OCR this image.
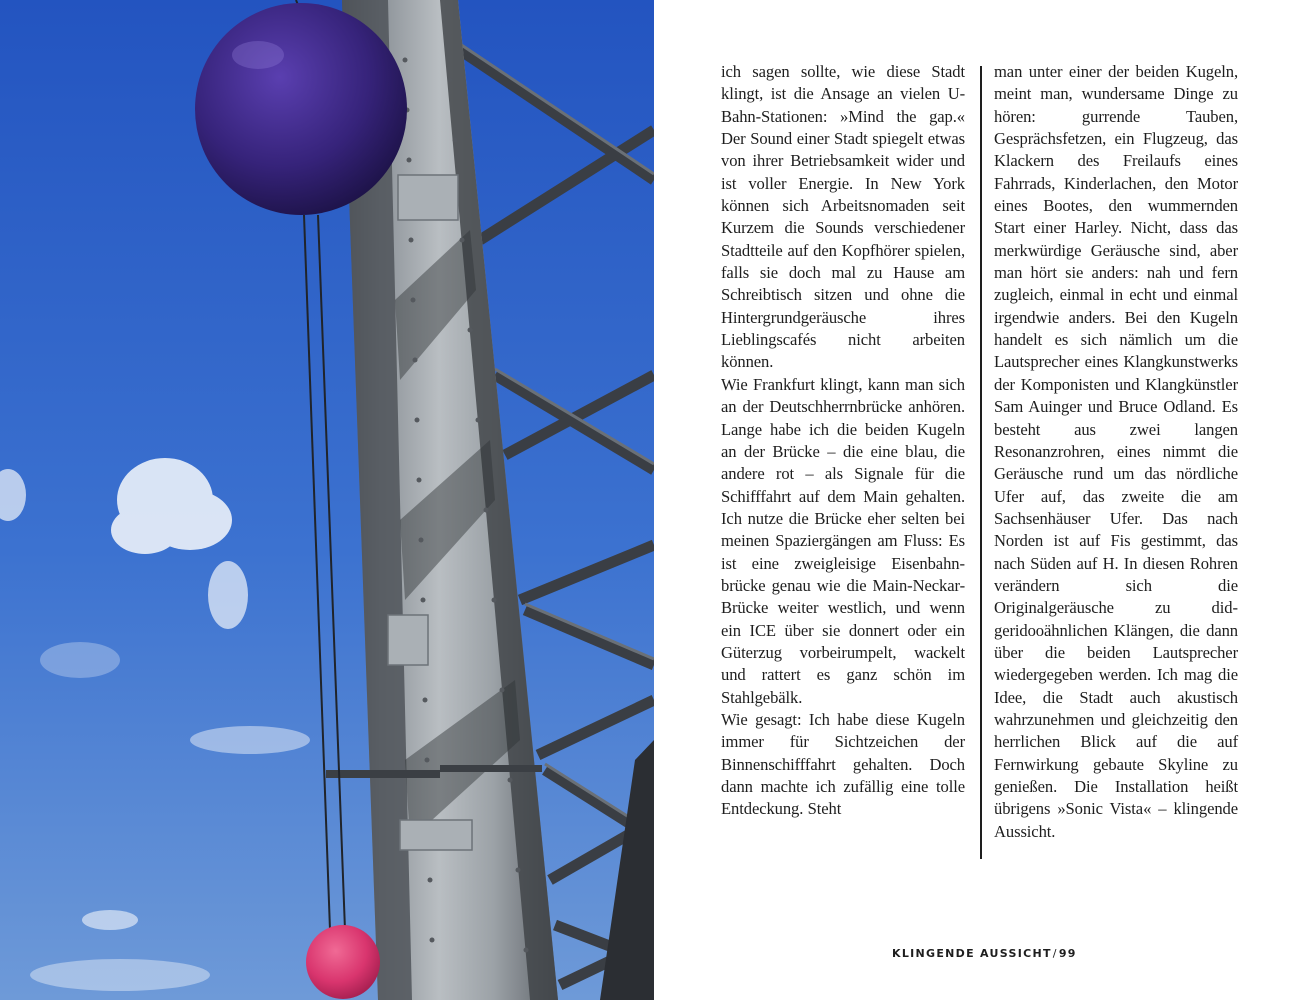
ich sagen sollte, wie diese Stadt klingt, ist die Ansage an vielen U-Bahn-Stationen: »Mind the gap.« Der Sound einer Stadt spiegelt etwas von ihrer Betriebsamkeit wider und ist voller Energie. In New York können sich Arbeitsnomaden seit Kurzem die Sounds verschiedener Stadtteile auf den Kopfhörer spielen, falls sie doch mal zu Hause am Schreibtisch sitzen und ohne die Hintergrundgeräusche ihres Lieblingscafés nicht arbeiten können.

Wie Frankfurt klingt, kann man sich an der Deutschherrnbrücke anhören. Lange habe ich die beiden Kugeln an der Brücke – die eine blau, die andere rot – als Signale für die Schifffahrt auf dem Main gehalten. Ich nutze die Brücke eher selten bei meinen Spaziergängen am Fluss: Es ist eine zweigleisige Eisenbahnbrücke genau wie die Main-Neckar-Brücke weiter westlich, und wenn ein ICE über sie donnert oder ein Güterzug vorbeirumpelt, wackelt und rattert es ganz schön im Stahlgebälk.

Wie gesagt: Ich habe diese Kugeln immer für Sichtzeichen der Binnenschifffahrt gehalten. Doch dann machte ich zufällig eine tolle Entdeckung. Steht

man unter einer der beiden Kugeln, meint man, wundersame Dinge zu hören: gurrende Tauben, Gesprächsfetzen, ein Flugzeug, das Klackern des Freilaufs eines Fahrrads, Kinderlachen, den Motor eines Bootes, den wummernden Start einer Harley. Nicht, dass das merkwürdige Geräusche sind, aber man hört sie anders: nah und fern zugleich, einmal in echt und einmal irgendwie anders. Bei den Kugeln handelt es sich nämlich um die Lautsprecher eines Klangkunstwerks der Komponisten und Klangkünstler Sam Auinger und Bruce Odland. Es besteht aus zwei langen Resonanzrohren, eines nimmt die Geräusche rund um das nördliche Ufer auf, das zweite die am Sachsenhäuser Ufer. Das nach Norden ist auf Fis gestimmt, das nach Süden auf H. In diesen Rohren verändern sich die Originalgeräusche zu didgeridooähnlichen Klängen, die dann über die beiden Lautsprecher wiedergegeben werden. Ich mag die Idee, die Stadt auch akustisch wahrzunehmen und gleichzeitig den herrlichen Blick auf die auf Fernwirkung gebaute Skyline zu genießen. Die Installation heißt übrigens »Sonic Vista« – klingende Aussicht.

KLINGENDE AUSSICHT/99
